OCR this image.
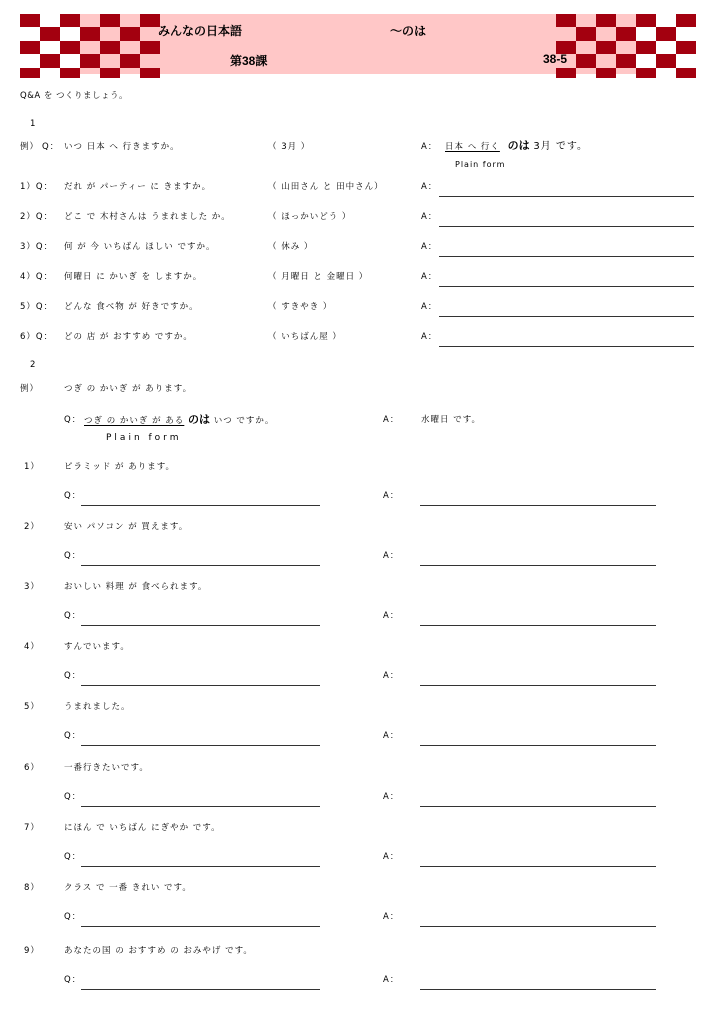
みんなの日本語	～のは
第38課	38-5
Q&A を つくりましょう。
1
例） Q： いつ 日本 へ 行きますか。	（ 3月 ）	A： 日本 へ 行く のは 3月 です。
Plain form
1）Q： だれ が パーティー に きますか。	（ 山田さん と 田中さん）	A：
2）Q： どこ で 木村さんは うまれました か。	（ ほっかいどう ）	A：
3）Q： 何 が 今 いちばん ほしい ですか。	（ 休み ）	A：
4）Q： 何曜日 に かいぎ を しますか。	（ 月曜日 と 金曜日 ）	A：
5）Q： どんな 食べ物 が 好きですか。	（ すきやき ）	A：
6）Q： どの 店 が おすすめ ですか。	（ いちばん屋 ）	A：
2
例）	つぎ の かいぎ が あります。
Q： つぎ の かいぎ が ある のは いつ ですか。	A：	水曜日 です。
Plain form
1）	ピラミッド が あります。
Q：	A：
2）	安い パソコン が 買えます。
Q：	A：
3）	おいしい 料理 が 食べられます。
Q：	A：
4）	すんでいます。
Q：	A：
5）	うまれました。
Q：	A：
6）	一番行きたいです。
Q：	A：
7）	にほん で いちばん にぎやか です。
Q：	A：
8）	クラス で 一番 きれい です。
Q：	A：
9）	あなたの国 の おすすめ の おみやげ です。
Q：	A：
